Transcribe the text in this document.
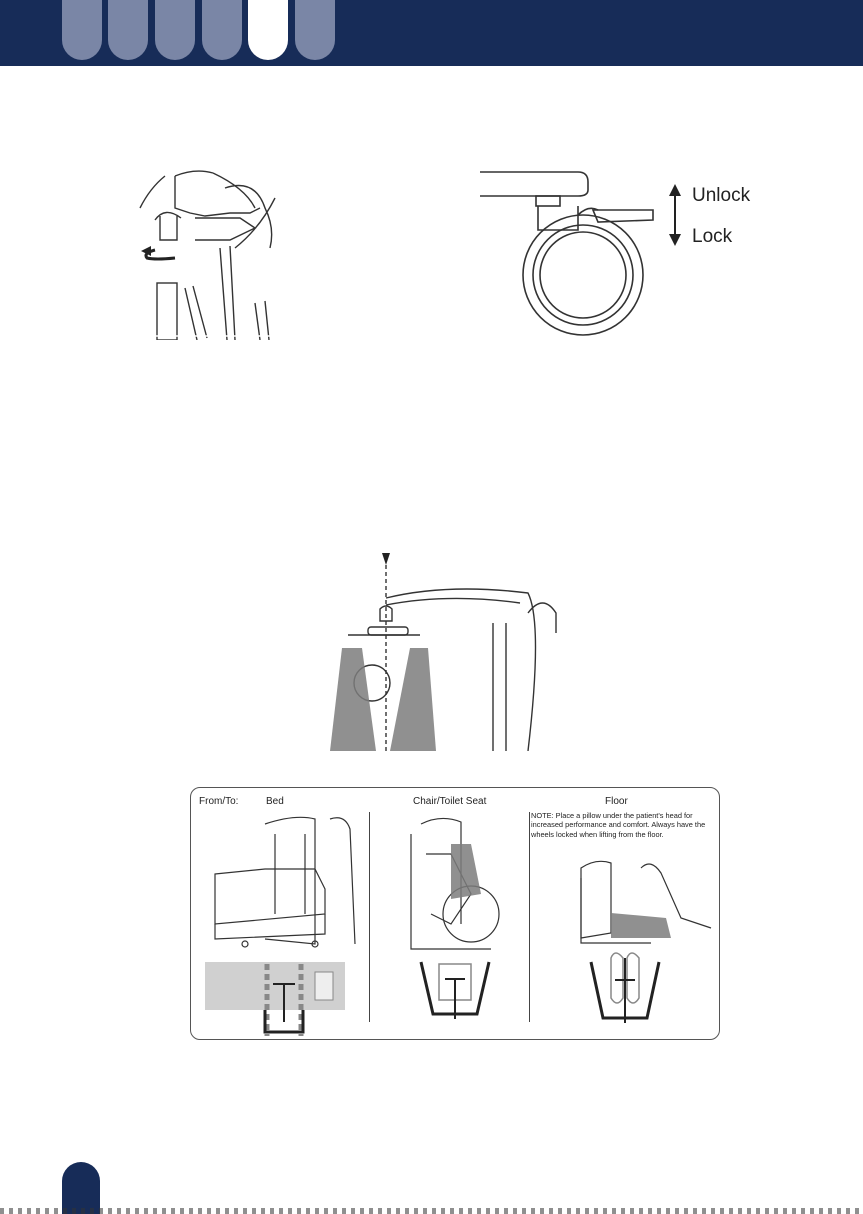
Unlock
Lock
From/To:	Bed	Chair/Toilet Seat	Floor
NOTE: Place a pillow under the patient's head for increased performance and comfort. Always have the wheels locked when lifting from the floor.
